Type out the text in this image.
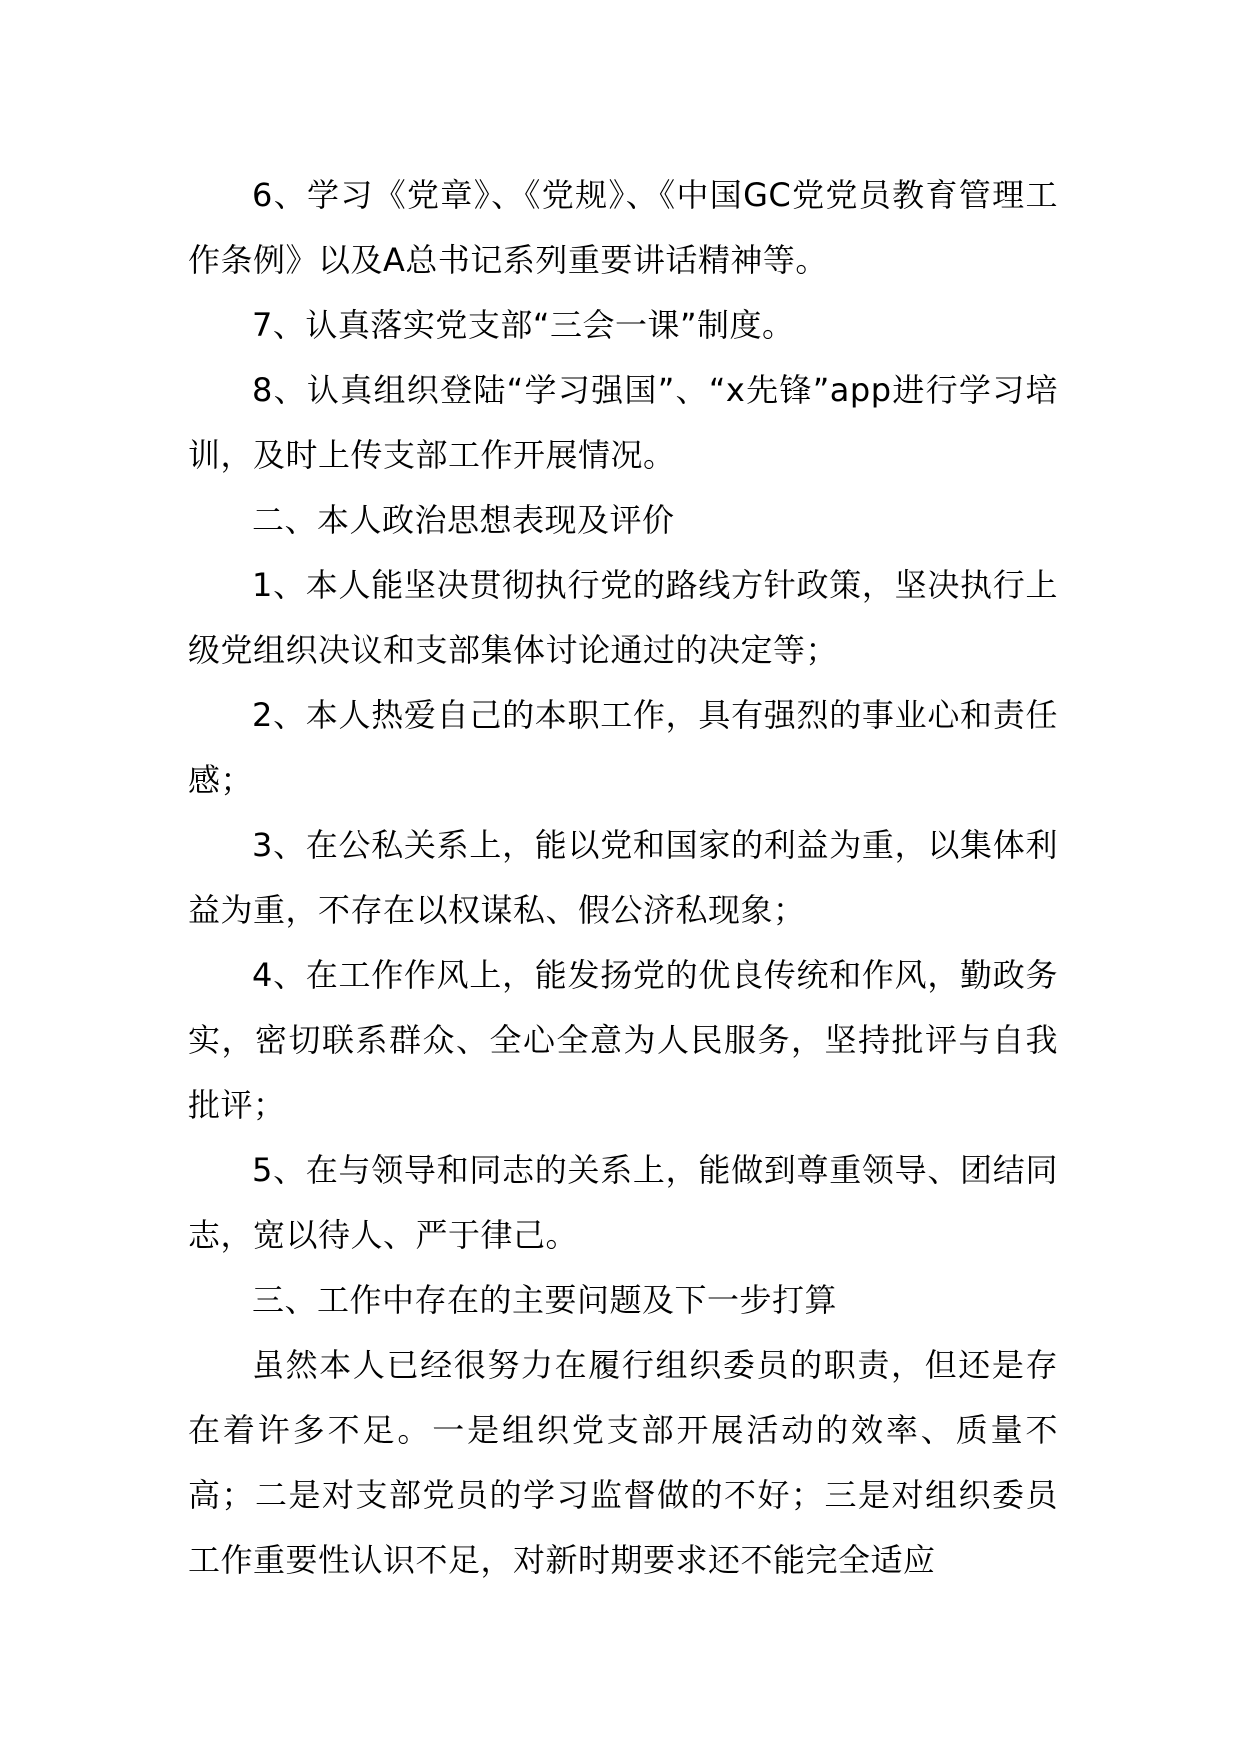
6、学习《党章》、《党规》、《中国GC党党员教育管理工作条例》以及A总书记系列重要讲话精神等。

7、认真落实党支部“三会一课”制度。

8、认真组织登陆“学习强国”、“x先锋”app进行学习培训，及时上传支部工作开展情况。

二、本人政治思想表现及评价

1、本人能坚决贯彻执行党的路线方针政策，坚决执行上级党组织决议和支部集体讨论通过的决定等；

2、本人热爱自己的本职工作，具有强烈的事业心和责任感；

3、在公私关系上，能以党和国家的利益为重，以集体利益为重，不存在以权谋私、假公济私现象；

4、在工作作风上，能发扬党的优良传统和作风，勤政务实，密切联系群众、全心全意为人民服务，坚持批评与自我批评；

5、在与领导和同志的关系上，能做到尊重领导、团结同志，宽以待人、严于律己。

三、工作中存在的主要问题及下一步打算

虽然本人已经很努力在履行组织委员的职责，但还是存在着许多不足。一是组织党支部开展活动的效率、质量不高；二是对支部党员的学习监督做的不好；三是对组织委员工作重要性认识不足，对新时期要求还不能完全适应
